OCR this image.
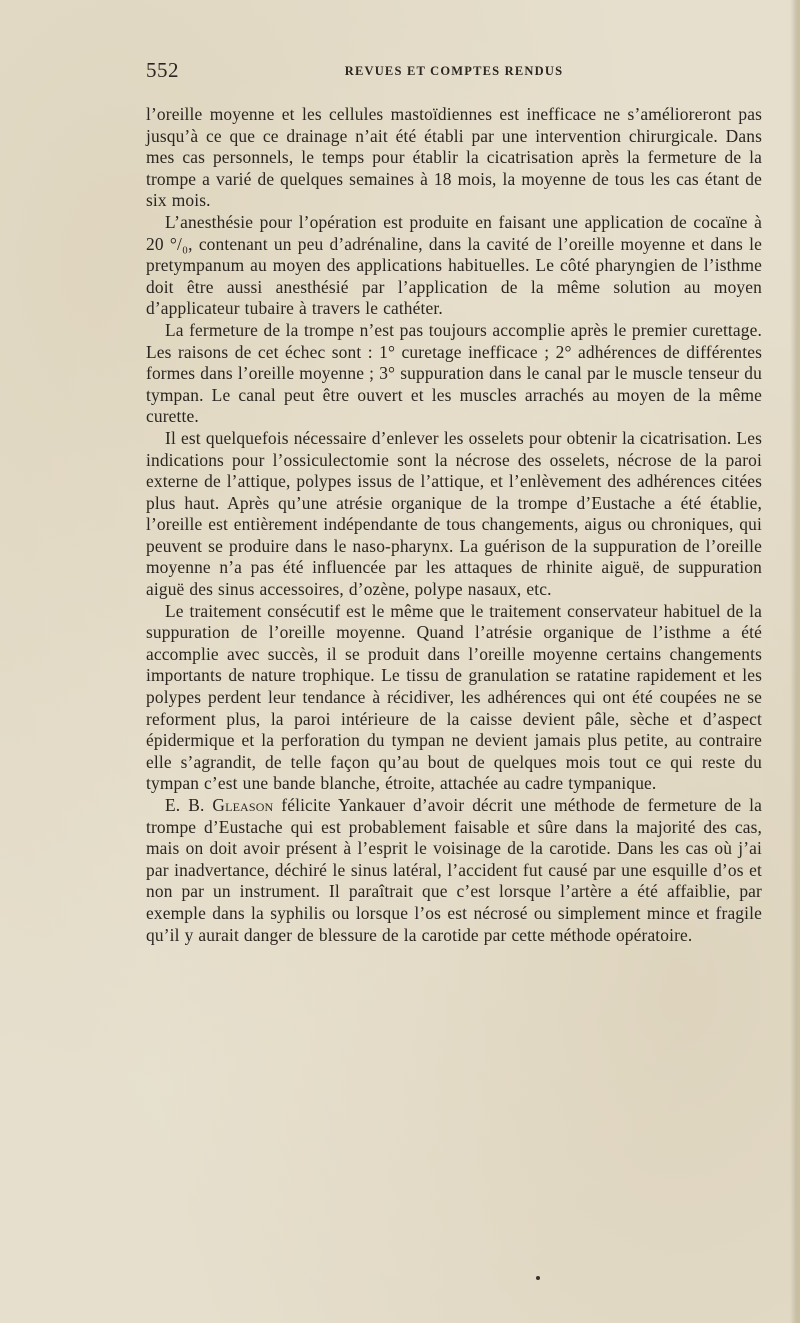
552	REVUES ET COMPTES RENDUS

l’oreille moyenne et les cellules mastoïdiennes est inefficace ne s’amélioreront pas jusqu’à ce que ce drainage n’ait été établi par une intervention chirurgicale. Dans mes cas personnels, le temps pour établir la cicatrisation après la fermeture de la trompe a varié de quelques semaines à 18 mois, la moyenne de tous les cas étant de six mois.

L’anesthésie pour l’opération est produite en faisant une application de cocaïne à 20 °/₀, contenant un peu d’adrénaline, dans la cavité de l’oreille moyenne et dans le pretympanum au moyen des applications habituelles. Le côté pharyngien de l’isthme doit être aussi anesthésié par l’application de la même solution au moyen d’applicateur tubaire à travers le cathéter.

La fermeture de la trompe n’est pas toujours accomplie après le premier curettage. Les raisons de cet échec sont : 1° curetage inefficace ; 2° adhérences de différentes formes dans l’oreille moyenne ; 3° suppuration dans le canal par le muscle tenseur du tympan. Le canal peut être ouvert et les muscles arrachés au moyen de la même curette.

Il est quelquefois nécessaire d’enlever les osselets pour obtenir la cicatrisation. Les indications pour l’ossiculectomie sont la nécrose des osselets, nécrose de la paroi externe de l’attique, polypes issus de l’attique, et l’enlèvement des adhérences citées plus haut. Après qu’une atrésie organique de la trompe d’Eustache a été établie, l’oreille est entièrement indépendante de tous changements, aigus ou chroniques, qui peuvent se produire dans le naso-pharynx. La guérison de la suppuration de l’oreille moyenne n’a pas été influencée par les attaques de rhinite aiguë, de suppuration aiguë des sinus accessoires, d’ozène, polype nasaux, etc.

Le traitement consécutif est le même que le traitement conservateur habituel de la suppuration de l’oreille moyenne. Quand l’atrésie organique de l’isthme a été accomplie avec succès, il se produit dans l’oreille moyenne certains changements importants de nature trophique. Le tissu de granulation se ratatine rapidement et les polypes perdent leur tendance à récidiver, les adhérences qui ont été coupées ne se reforment plus, la paroi intérieure de la caisse devient pâle, sèche et d’aspect épidermique et la perforation du tympan ne devient jamais plus petite, au contraire elle s’agrandit, de telle façon qu’au bout de quelques mois tout ce qui reste du tympan c’est une bande blanche, étroite, attachée au cadre tympanique.

E. B. Gleason félicite Yankauer d’avoir décrit une méthode de fermeture de la trompe d’Eustache qui est probablement faisable et sûre dans la majorité des cas, mais on doit avoir présent à l’esprit le voisinage de la carotide. Dans les cas où j’ai par inadvertance, déchiré le sinus latéral, l’accident fut causé par une esquille d’os et non par un instrument. Il paraîtrait que c’est lorsque l’artère a été affaiblie, par exemple dans la syphilis ou lorsque l’os est nécrosé ou simplement mince et fragile qu’il y aurait danger de blessure de la carotide par cette méthode opératoire.
